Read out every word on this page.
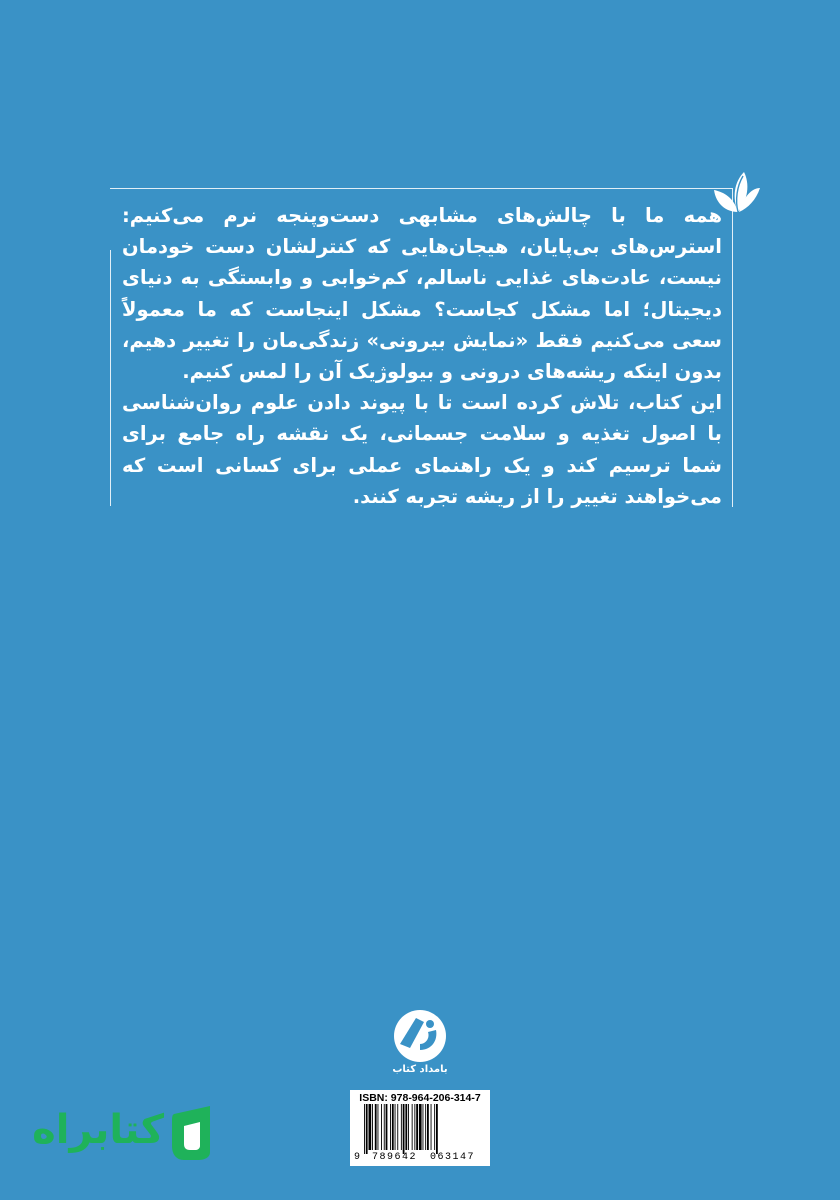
همه ما با چالش‌های مشابهی دست‌وپنجه نرم می‌کنیم: استرس‌های بی‌پایان، هیجان‌هایی که کنترلشان دست خودمان نیست، عادت‌های غذایی ناسالم، کم‌خوابی و وابستگی به دنیای دیجیتال؛ اما مشکل کجاست؟ مشکل اینجاست که ما معمولاً سعی می‌کنیم فقط «نمایش بیرونی» زندگی‌مان را تغییر دهیم، بدون اینکه ریشه‌های درونی و بیولوژیک آن را لمس کنیم.

این کتاب، تلاش کرده است تا با پیوند دادن علوم روان‌شناسی با اصول تغذیه و سلامت جسمانی، یک نقشه راه جامع برای شما ترسیم کند و یک راهنمای عملی برای کسانی است که می‌خواهند تغییر را از ریشه تجربه کنند.

بامداد کتاب
ISBN: 978-964-206-314-7
9 789642 063147
کتابراه
